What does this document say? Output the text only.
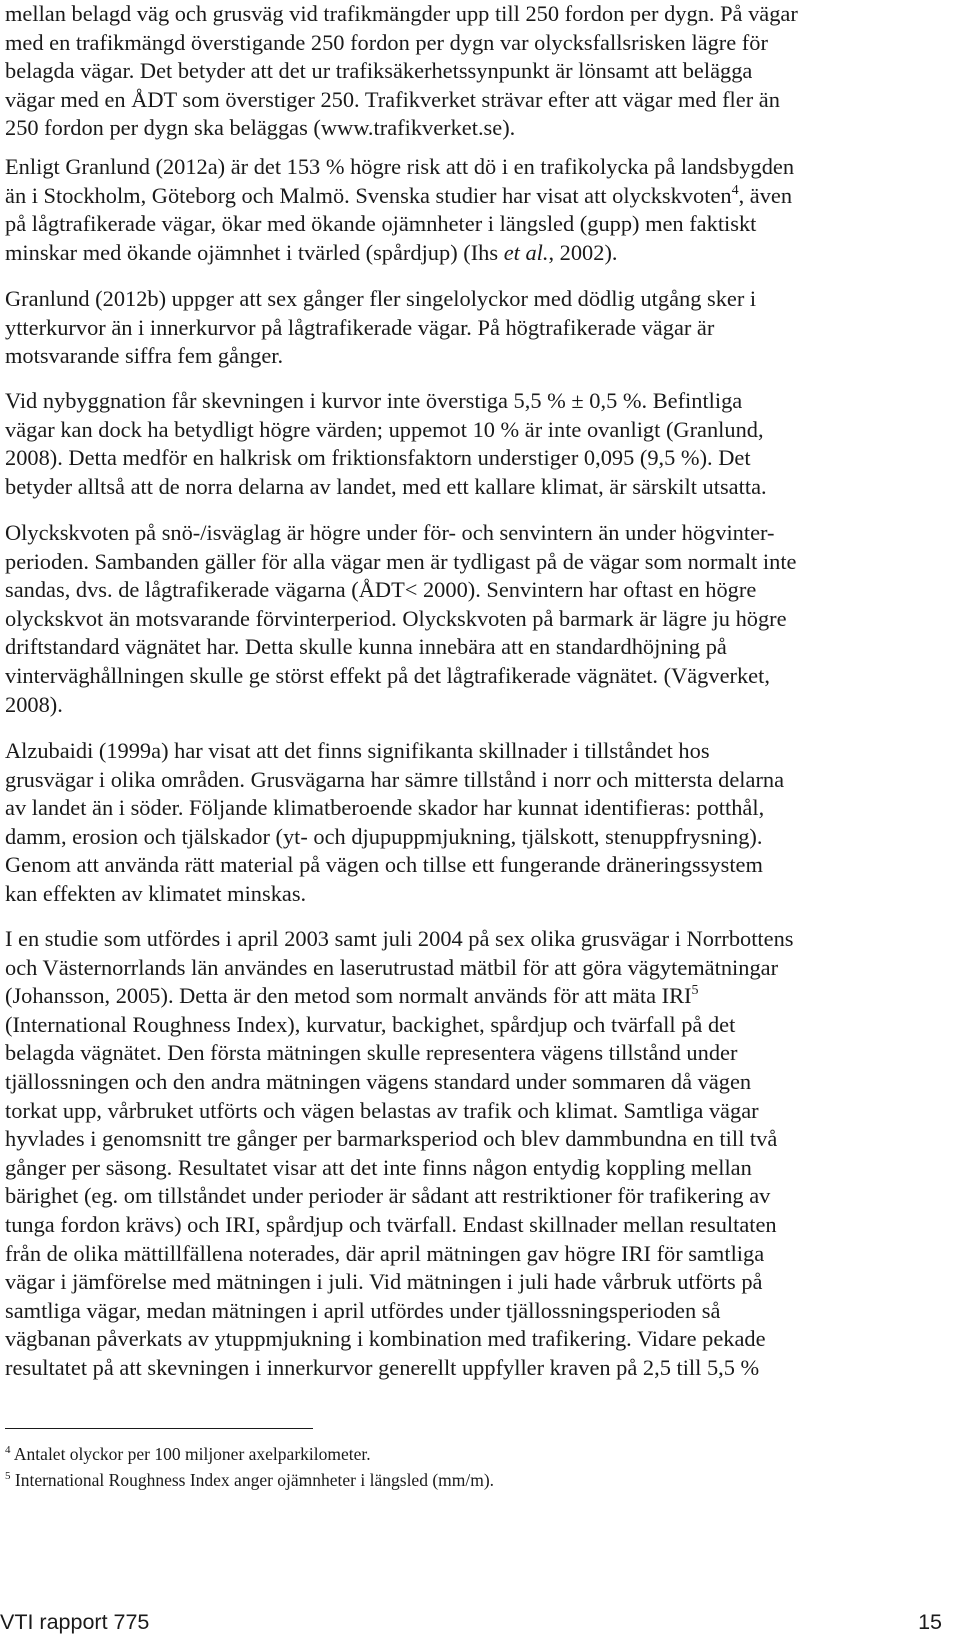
mellan belagd väg och grusväg vid trafikmängder upp till 250 fordon per dygn. På vägar
med en trafikmängd överstigande 250 fordon per dygn var olycksfallsrisken lägre för
belagda vägar. Det betyder att det ur trafiksäkerhetssynpunkt är lönsamt att belägga
vägar med en ÅDT som överstiger 250. Trafikverket strävar efter att vägar med fler än
250 fordon per dygn ska beläggas (www.trafikverket.se).
Enligt Granlund (2012a) är det 153 % högre risk att dö i en trafikolycka på landsbygden
än i Stockholm, Göteborg och Malmö. Svenska studier har visat att olyckskvoten$^4$, även
på lågtrafikerade vägar, ökar med ökande ojämnheter i längsled (gupp) men faktiskt
minskar med ökande ojämnhet i tvärled (spårdjup) (Ihs et al., 2002).
Granlund (2012b) uppger att sex gånger fler singelolyckor med dödlig utgång sker i
ytterkurvor än i innerkurvor på lågtrafikerade vägar. På högtrafikerade vägar är
motsvarande siffra fem gånger.
Vid nybyggnation får skevningen i kurvor inte överstiga 5,5 % ± 0,5 %. Befintliga
vägar kan dock ha betydligt högre värden; uppemot 10 % är inte ovanligt (Granlund,
2008). Detta medför en halkrisk om friktionsfaktorn understiger 0,095 (9,5 %). Det
betyder alltså att de norra delarna av landet, med ett kallare klimat, är särskilt utsatta.
Olyckskvoten på snö-/isväglag är högre under för- och senvintern än under högvinter-
perioden. Sambanden gäller för alla vägar men är tydligast på de vägar som normalt inte
sandas, dvs. de lågtrafikerade vägarna (ÅDT< 2000). Senvintern har oftast en högre
olyckskvot än motsvarande förvinterperiod. Olyckskvoten på barmark är lägre ju högre
driftstandard vägnätet har. Detta skulle kunna innebära att en standardhöjning på
vinterväghållningen skulle ge störst effekt på det lågtrafikerade vägnätet. (Vägverket,
2008).
Alzubaidi (1999a) har visat att det finns signifikanta skillnader i tillståndet hos
grusvägar i olika områden. Grusvägarna har sämre tillstånd i norr och mittersta delarna
av landet än i söder. Följande klimatberoende skador har kunnat identifieras: potthål,
damm, erosion och tjälskador (yt- och djupuppmjukning, tjälskott, stenuppfrysning).
Genom att använda rätt material på vägen och tillse ett fungerande dräneringssystem
kan effekten av klimatet minskas.
I en studie som utfördes i april 2003 samt juli 2004 på sex olika grusvägar i Norrbottens
och Västernorrlands län användes en laserutrustad mätbil för att göra vägytemätningar
(Johansson, 2005). Detta är den metod som normalt används för att mäta IRI$^5$
(International Roughness Index), kurvatur, backighet, spårdjup och tvärfall på det
belagda vägnätet. Den första mätningen skulle representera vägens tillstånd under
tjällossningen och den andra mätningen vägens standard under sommaren då vägen
torkat upp, vårbruket utförts och vägen belastas av trafik och klimat. Samtliga vägar
hyvlades i genomsnitt tre gånger per barmarksperiod och blev dammbundna en till två
gånger per säsong. Resultatet visar att det inte finns någon entydig koppling mellan
bärighet (eg. om tillståndet under perioder är sådant att restriktioner för trafikering av
tunga fordon krävs) och IRI, spårdjup och tvärfall. Endast skillnader mellan resultaten
från de olika mättillfällena noterades, där april mätningen gav högre IRI för samtliga
vägar i jämförelse med mätningen i juli. Vid mätningen i juli hade vårbruk utförts på
samtliga vägar, medan mätningen i april utfördes under tjällossningsperioden så
vägbanan påverkats av ytuppmjukning i kombination med trafikering. Vidare pekade
resultatet på att skevningen i innerkurvor generellt uppfyller kraven på 2,5 till 5,5 %
$^4$ Antalet olyckor per 100 miljoner axelparkilometer.
$^5$ International Roughness Index anger ojämnheter i längsled (mm/m).
VTI rapport 775	15
